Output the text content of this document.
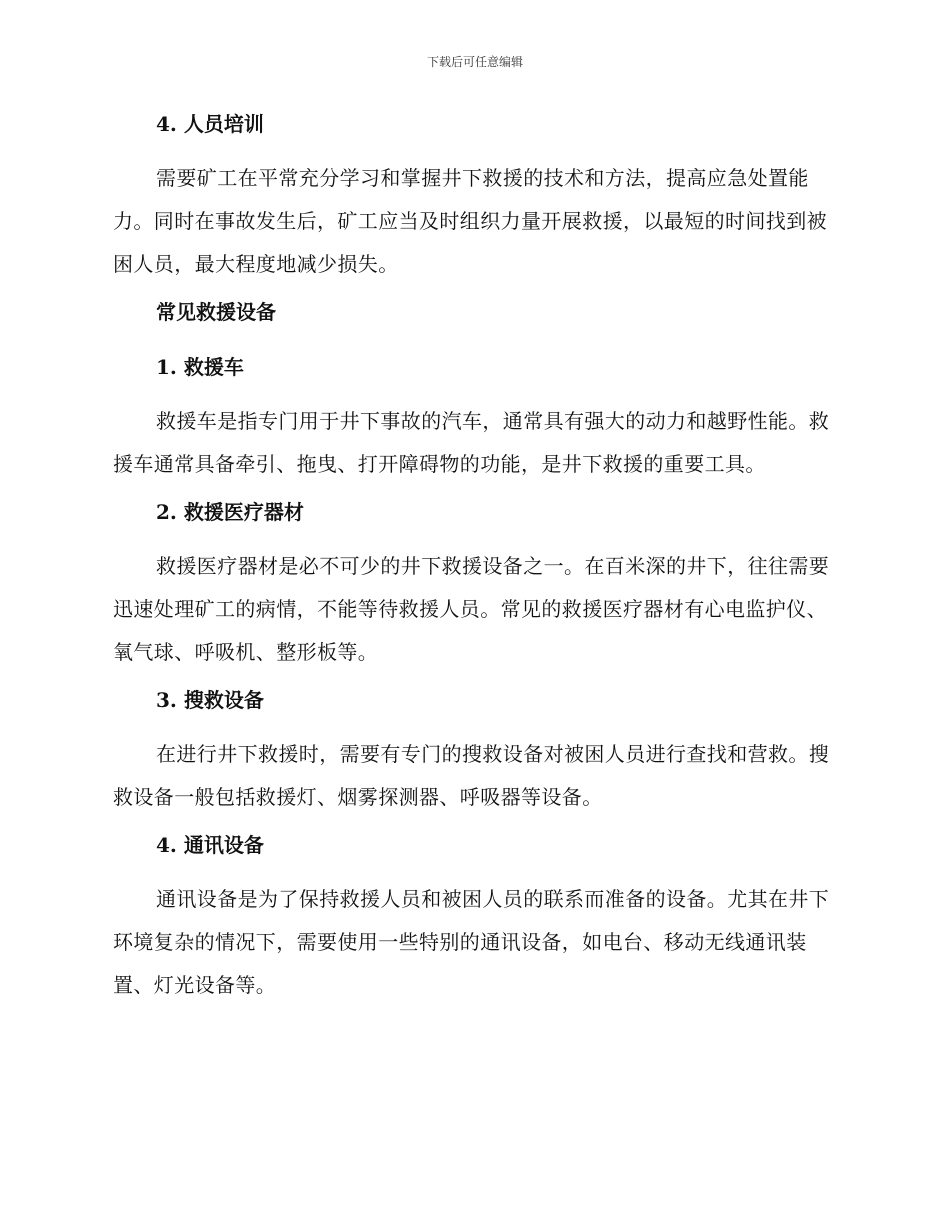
下载后可任意编辑
4. 人员培训

需要矿工在平常充分学习和掌握井下救援的技术和方法，提高应急处置能力。同时在事故发生后，矿工应当及时组织力量开展救援，以最短的时间找到被困人员，最大程度地减少损失。

常见救援设备
1. 救援车

救援车是指专门用于井下事故的汽车，通常具有强大的动力和越野性能。救援车通常具备牵引、拖曳、打开障碍物的功能，是井下救援的重要工具。

2. 救援医疗器材

救援医疗器材是必不可少的井下救援设备之一。在百米深的井下，往往需要迅速处理矿工的病情，不能等待救援人员。常见的救援医疗器材有心电监护仪、氧气球、呼吸机、整形板等。

3. 搜救设备

在进行井下救援时，需要有专门的搜救设备对被困人员进行查找和营救。搜救设备一般包括救援灯、烟雾探测器、呼吸器等设备。

4. 通讯设备

通讯设备是为了保持救援人员和被困人员的联系而准备的设备。尤其在井下环境复杂的情况下，需要使用一些特别的通讯设备，如电台、移动无线通讯装置、灯光设备等。
